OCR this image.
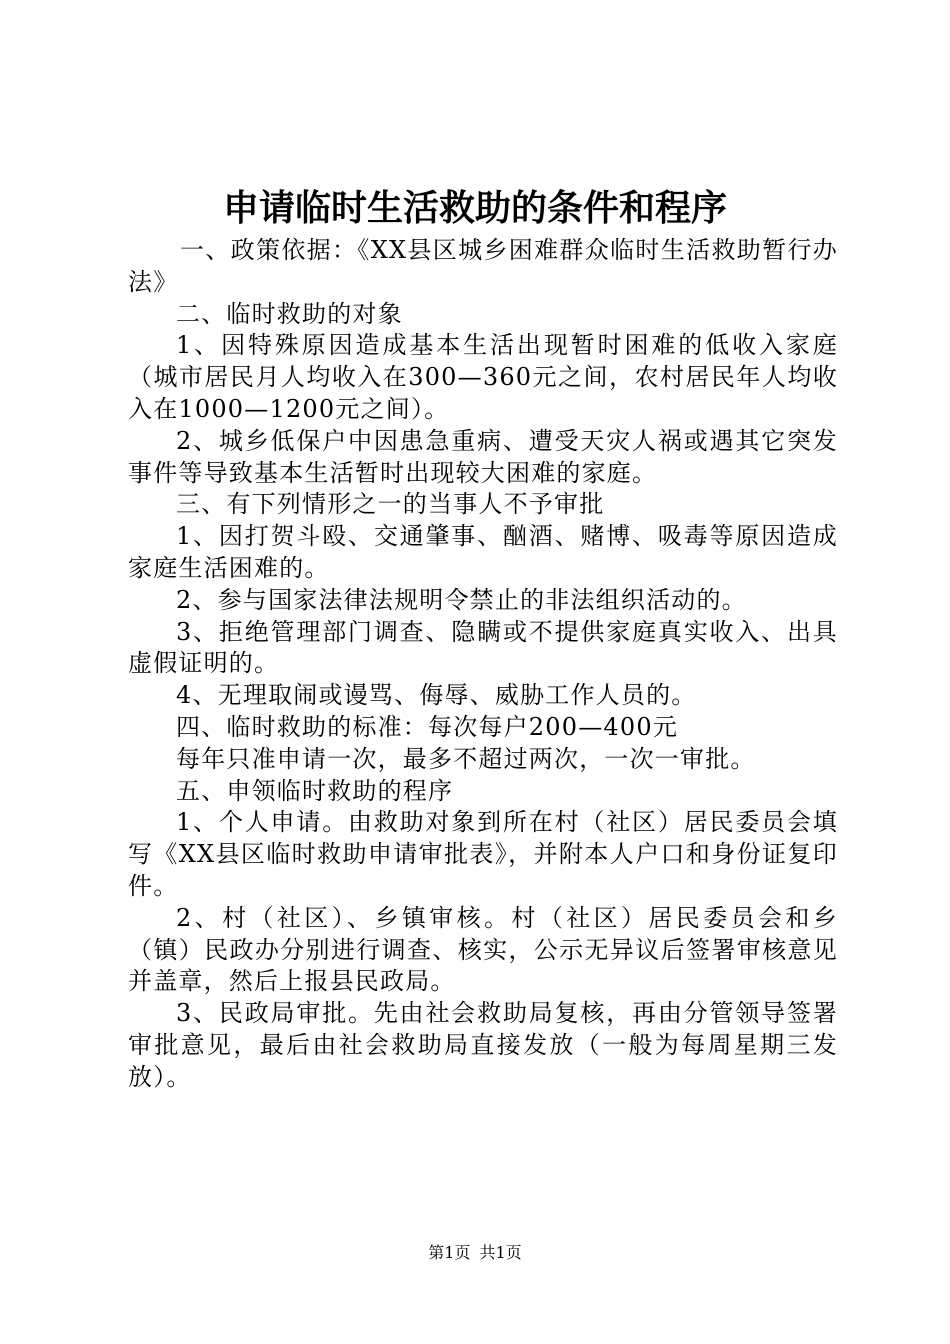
申请临时生活救助的条件和程序

一、政策依据：《XX县区城乡困难群众临时生活救助暂行办法》

二、临时救助的对象

1、因特殊原因造成基本生活出现暂时困难的低收入家庭（城市居民月人均收入在300—360元之间，农村居民年人均收入在1000—1200元之间）。

2、城乡低保户中因患急重病、遭受天灾人祸或遇其它突发事件等导致基本生活暂时出现较大困难的家庭。

三、有下列情形之一的当事人不予审批

1、因打贺斗殴、交通肇事、酗酒、赌博、吸毒等原因造成家庭生活困难的。

2、参与国家法律法规明令禁止的非法组织活动的。

3、拒绝管理部门调查、隐瞒或不提供家庭真实收入、出具虚假证明的。

4、无理取闹或谩骂、侮辱、威胁工作人员的。

四、临时救助的标准：每次每户200—400元

每年只准申请一次，最多不超过两次，一次一审批。

五、申领临时救助的程序

1、个人申请。由救助对象到所在村（社区）居民委员会填写《XX县区临时救助申请审批表》，并附本人户口和身份证复印件。

2、村（社区）、乡镇审核。村（社区）居民委员会和乡（镇）民政办分别进行调查、核实，公示无异议后签署审核意见并盖章，然后上报县民政局。

3、民政局审批。先由社会救助局复核，再由分管领导签署审批意见，最后由社会救助局直接发放（一般为每周星期三发放）。

第1页 共1页
